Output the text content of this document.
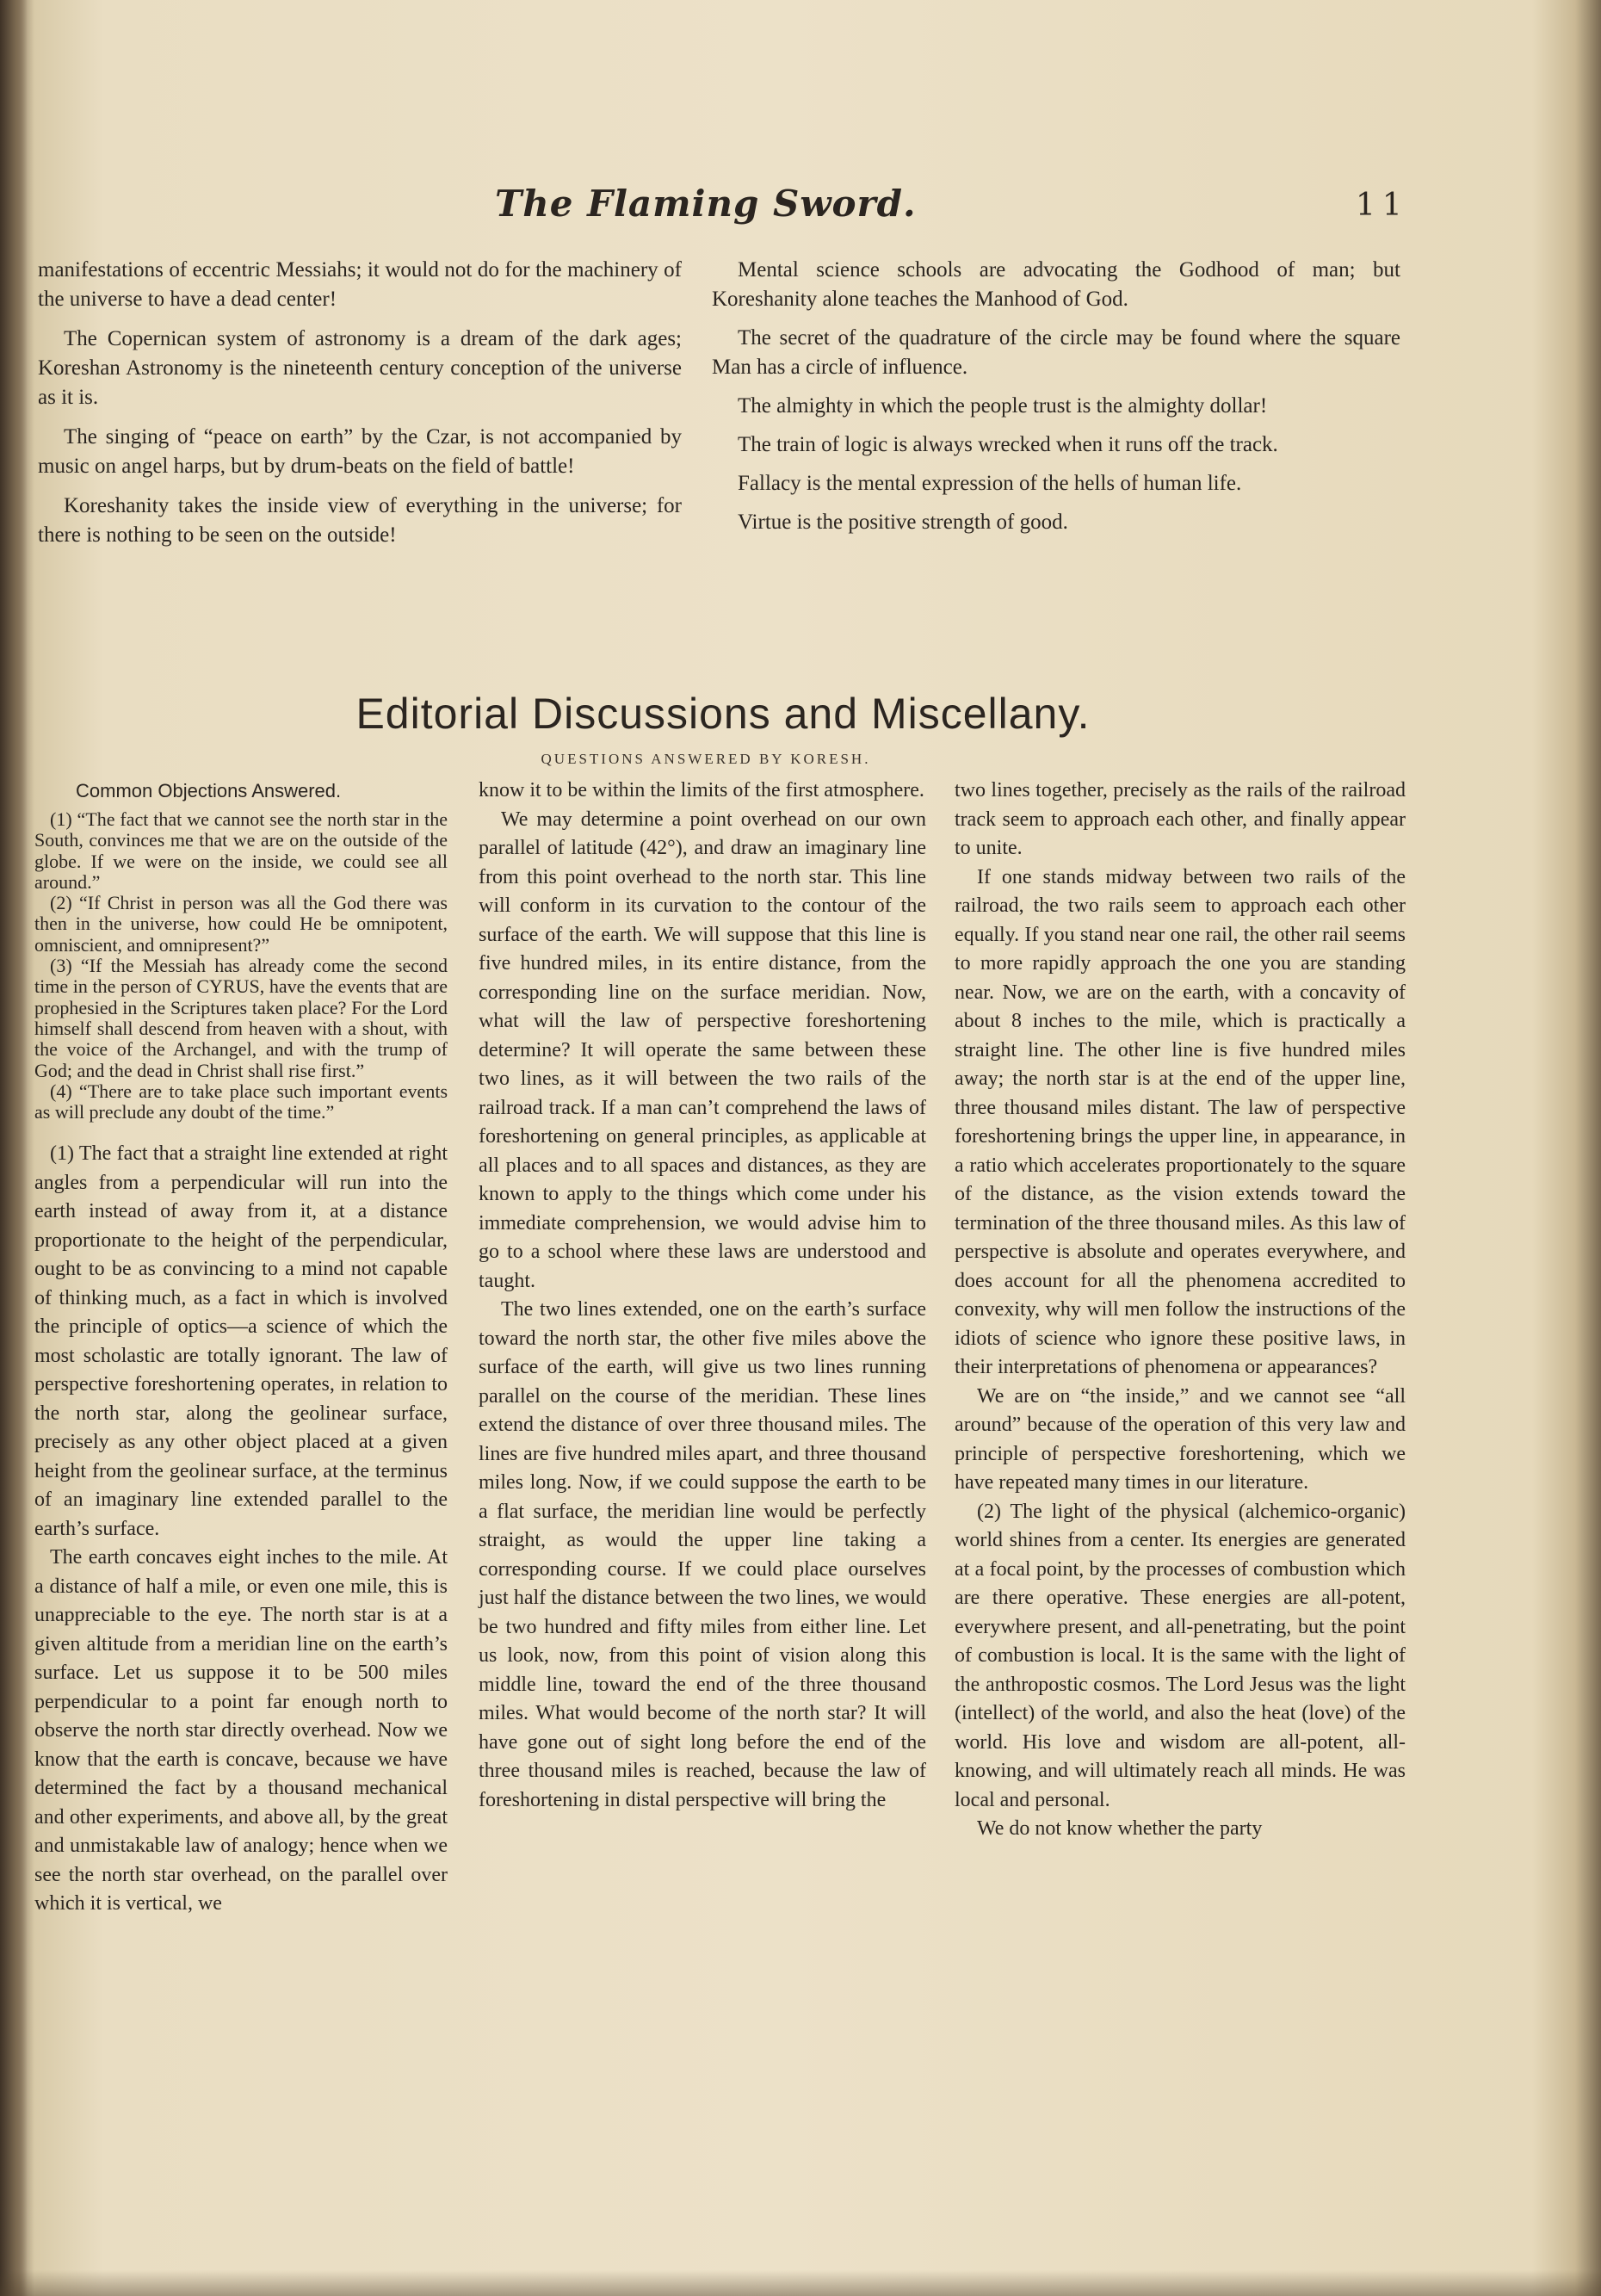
The Flaming Sword.	11

manifestations of eccentric Messiahs; it would not do for the machinery of the universe to have a dead center!

The Copernican system of astronomy is a dream of the dark ages; Koreshan Astronomy is the nineteenth century conception of the universe as it is.

The singing of “peace on earth” by the Czar, is not accompanied by music on angel harps, but by drum-beats on the field of battle!

Koreshanity takes the inside view of everything in the universe; for there is nothing to be seen on the outside!

Mental science schools are advocating the Godhood of man; but Koreshanity alone teaches the Manhood of God.

The secret of the quadrature of the circle may be found where the square Man has a circle of influence.

The almighty in which the people trust is the almighty dollar!

The train of logic is always wrecked when it runs off the track.

Fallacy is the mental expression of the hells of human life.

Virtue is the positive strength of good.

Editorial Discussions and Miscellany.
QUESTIONS ANSWERED BY KORESH.

Common Objections Answered.

(1) “The fact that we cannot see the north star in the South, convinces me that we are on the outside of the globe. If we were on the inside, we could see all around.”

(2) “If Christ in person was all the God there was then in the universe, how could He be omnipotent, omniscient, and omnipresent?”

(3) “If the Messiah has already come the second time in the person of CYRUS, have the events that are prophesied in the Scriptures taken place? For the Lord himself shall descend from heaven with a shout, with the voice of the Archangel, and with the trump of God; and the dead in Christ shall rise first.”

(4) “There are to take place such important events as will preclude any doubt of the time.”

(1) The fact that a straight line extended at right angles from a perpendicular will run into the earth instead of away from it, at a distance proportionate to the height of the perpendicular, ought to be as convincing to a mind not capable of thinking much, as a fact in which is involved the principle of optics—a science of which the most scholastic are totally ignorant. The law of perspective foreshortening operates, in relation to the north star, along the geolinear surface, precisely as any other object placed at a given height from the geolinear surface, at the terminus of an imaginary line extended parallel to the earth’s surface.

The earth concaves eight inches to the mile. At a distance of half a mile, or even one mile, this is unappreciable to the eye. The north star is at a given altitude from a meridian line on the earth’s surface. Let us suppose it to be 500 miles perpendicular to a point far enough north to observe the north star directly overhead. Now we know that the earth is concave, because we have determined the fact by a thousand mechanical and other experiments, and above all, by the great and unmistakable law of analogy; hence when we see the north star overhead, on the parallel over which it is vertical, we

know it to be within the limits of the first atmosphere.

We may determine a point overhead on our own parallel of latitude (42°), and draw an imaginary line from this point overhead to the north star. This line will conform in its curvation to the contour of the surface of the earth. We will suppose that this line is five hundred miles, in its entire distance, from the corresponding line on the surface meridian. Now, what will the law of perspective foreshortening determine? It will operate the same between these two lines, as it will between the two rails of the railroad track. If a man can’t comprehend the laws of foreshortening on general principles, as applicable at all places and to all spaces and distances, as they are known to apply to the things which come under his immediate comprehension, we would advise him to go to a school where these laws are understood and taught.

The two lines extended, one on the earth’s surface toward the north star, the other five miles above the surface of the earth, will give us two lines running parallel on the course of the meridian. These lines extend the distance of over three thousand miles. The lines are five hundred miles apart, and three thousand miles long. Now, if we could suppose the earth to be a flat surface, the meridian line would be perfectly straight, as would the upper line taking a corresponding course. If we could place ourselves just half the distance between the two lines, we would be two hundred and fifty miles from either line. Let us look, now, from this point of vision along this middle line, toward the end of the three thousand miles. What would become of the north star? It will have gone out of sight long before the end of the three thousand miles is reached, because the law of foreshortening in distal perspective will bring the

two lines together, precisely as the rails of the railroad track seem to approach each other, and finally appear to unite.

If one stands midway between two rails of the railroad, the two rails seem to approach each other equally. If you stand near one rail, the other rail seems to more rapidly approach the one you are standing near. Now, we are on the earth, with a concavity of about 8 inches to the mile, which is practically a straight line. The other line is five hundred miles away; the north star is at the end of the upper line, three thousand miles distant. The law of perspective foreshortening brings the upper line, in appearance, in a ratio which accelerates proportionately to the square of the distance, as the vision extends toward the termination of the three thousand miles. As this law of perspective is absolute and operates everywhere, and does account for all the phenomena accredited to convexity, why will men follow the instructions of the idiots of science who ignore these positive laws, in their interpretations of phenomena or appearances?

We are on “the inside,” and we cannot see “all around” because of the operation of this very law and principle of perspective foreshortening, which we have repeated many times in our literature.

(2) The light of the physical (alchemico-organic) world shines from a center. Its energies are generated at a focal point, by the processes of combustion which are there operative. These energies are all-potent, everywhere present, and all-penetrating, but the point of combustion is local. It is the same with the light of the anthropostic cosmos. The Lord Jesus was the light (intellect) of the world, and also the heat (love) of the world. His love and wisdom are all-potent, all-knowing, and will ultimately reach all minds. He was local and personal.

We do not know whether the party
